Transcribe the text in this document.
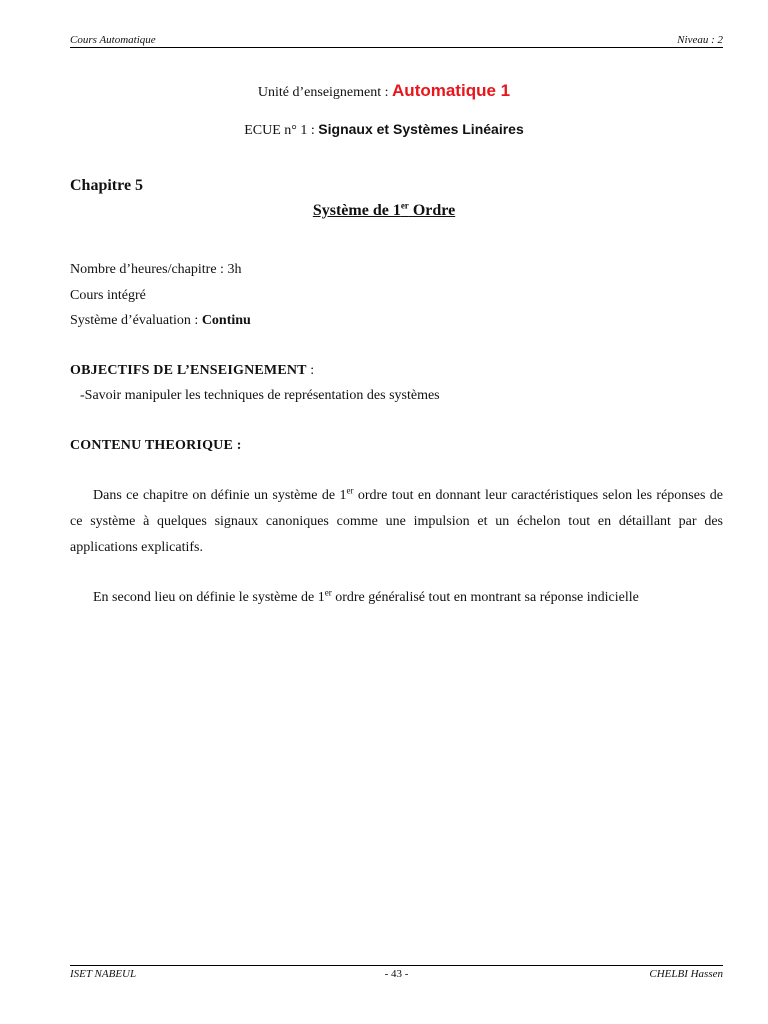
Cours Automatique	Niveau : 2
Unité d’enseignement : Automatique 1
ECUE n° 1 : Signaux et Systèmes Linéaires
Chapitre 5
Système de 1er Ordre
Nombre d’heures/chapitre : 3h
Cours intégré
Système d’évaluation : Continu
OBJECTIFS DE L’ENSEIGNEMENT :
-Savoir manipuler les techniques de représentation des systèmes
CONTENU THEORIQUE :
Dans ce chapitre on définie un système de 1er ordre tout en donnant leur caractéristiques selon les réponses de ce système à quelques signaux canoniques comme une impulsion et un échelon tout en détaillant par des applications explicatifs.
En second lieu on définie le système de 1er ordre généralisé tout en montrant sa réponse indicielle
ISET NABEUL	- 43 -	CHELBI Hassen
